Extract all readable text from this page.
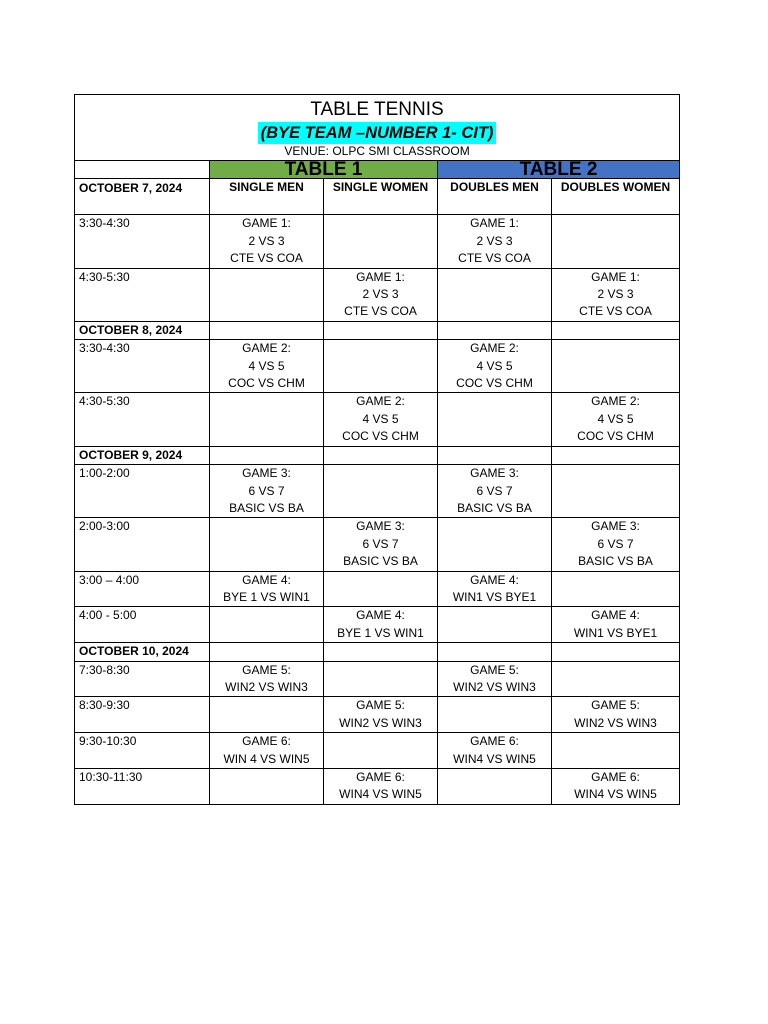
TABLE TENNIS
(BYE TEAM –NUMBER 1- CIT)
VENUE: OLPC SMI CLASSROOM				

	TABLE 1		TABLE 2	
OCTOBER 7, 2024	SINGLE MEN	SINGLE WOMEN	DOUBLES MEN	DOUBLES WOMEN
3:30-4:30	GAME 1:
2 VS 3
CTE VS COA		GAME 1:
2 VS 3
CTE VS COA	

4:30-5:30		GAME 1:
2 VS 3
CTE VS COA		GAME 1:
2 VS 3
CTE VS COA

OCTOBER 8, 2024				
3:30-4:30	GAME 2:
4 VS 5
COC VS CHM		GAME 2:
4 VS 5
COC VS CHM	

4:30-5:30		GAME 2:
4 VS 5
COC VS CHM		GAME 2:
4 VS 5
COC VS CHM

OCTOBER 9, 2024				
1:00-2:00	GAME 3:
6 VS 7
BASIC VS BA		GAME 3:
6 VS 7
BASIC VS BA	

2:00-3:00		GAME 3:
6 VS 7
BASIC VS BA		GAME 3:
6 VS 7
BASIC VS BA

3:00 – 4:00	GAME 4:
BYE 1 VS WIN1		GAME 4:
WIN1 VS BYE1	

4:00 - 5:00		GAME 4:
BYE 1 VS WIN1		GAME 4:
WIN1 VS BYE1

OCTOBER 10, 2024				
7:30-8:30	GAME 5:
WIN2 VS WIN3		GAME 5:
WIN2 VS WIN3	

8:30-9:30		GAME 5:
WIN2 VS WIN3		GAME 5:
WIN2 VS WIN3

9:30-10:30	GAME 6:
WIN 4 VS WIN5		GAME 6:
WIN4 VS WIN5	

10:30-11:30		GAME 6:
WIN4 VS WIN5		GAME 6:
WIN4 VS WIN5
